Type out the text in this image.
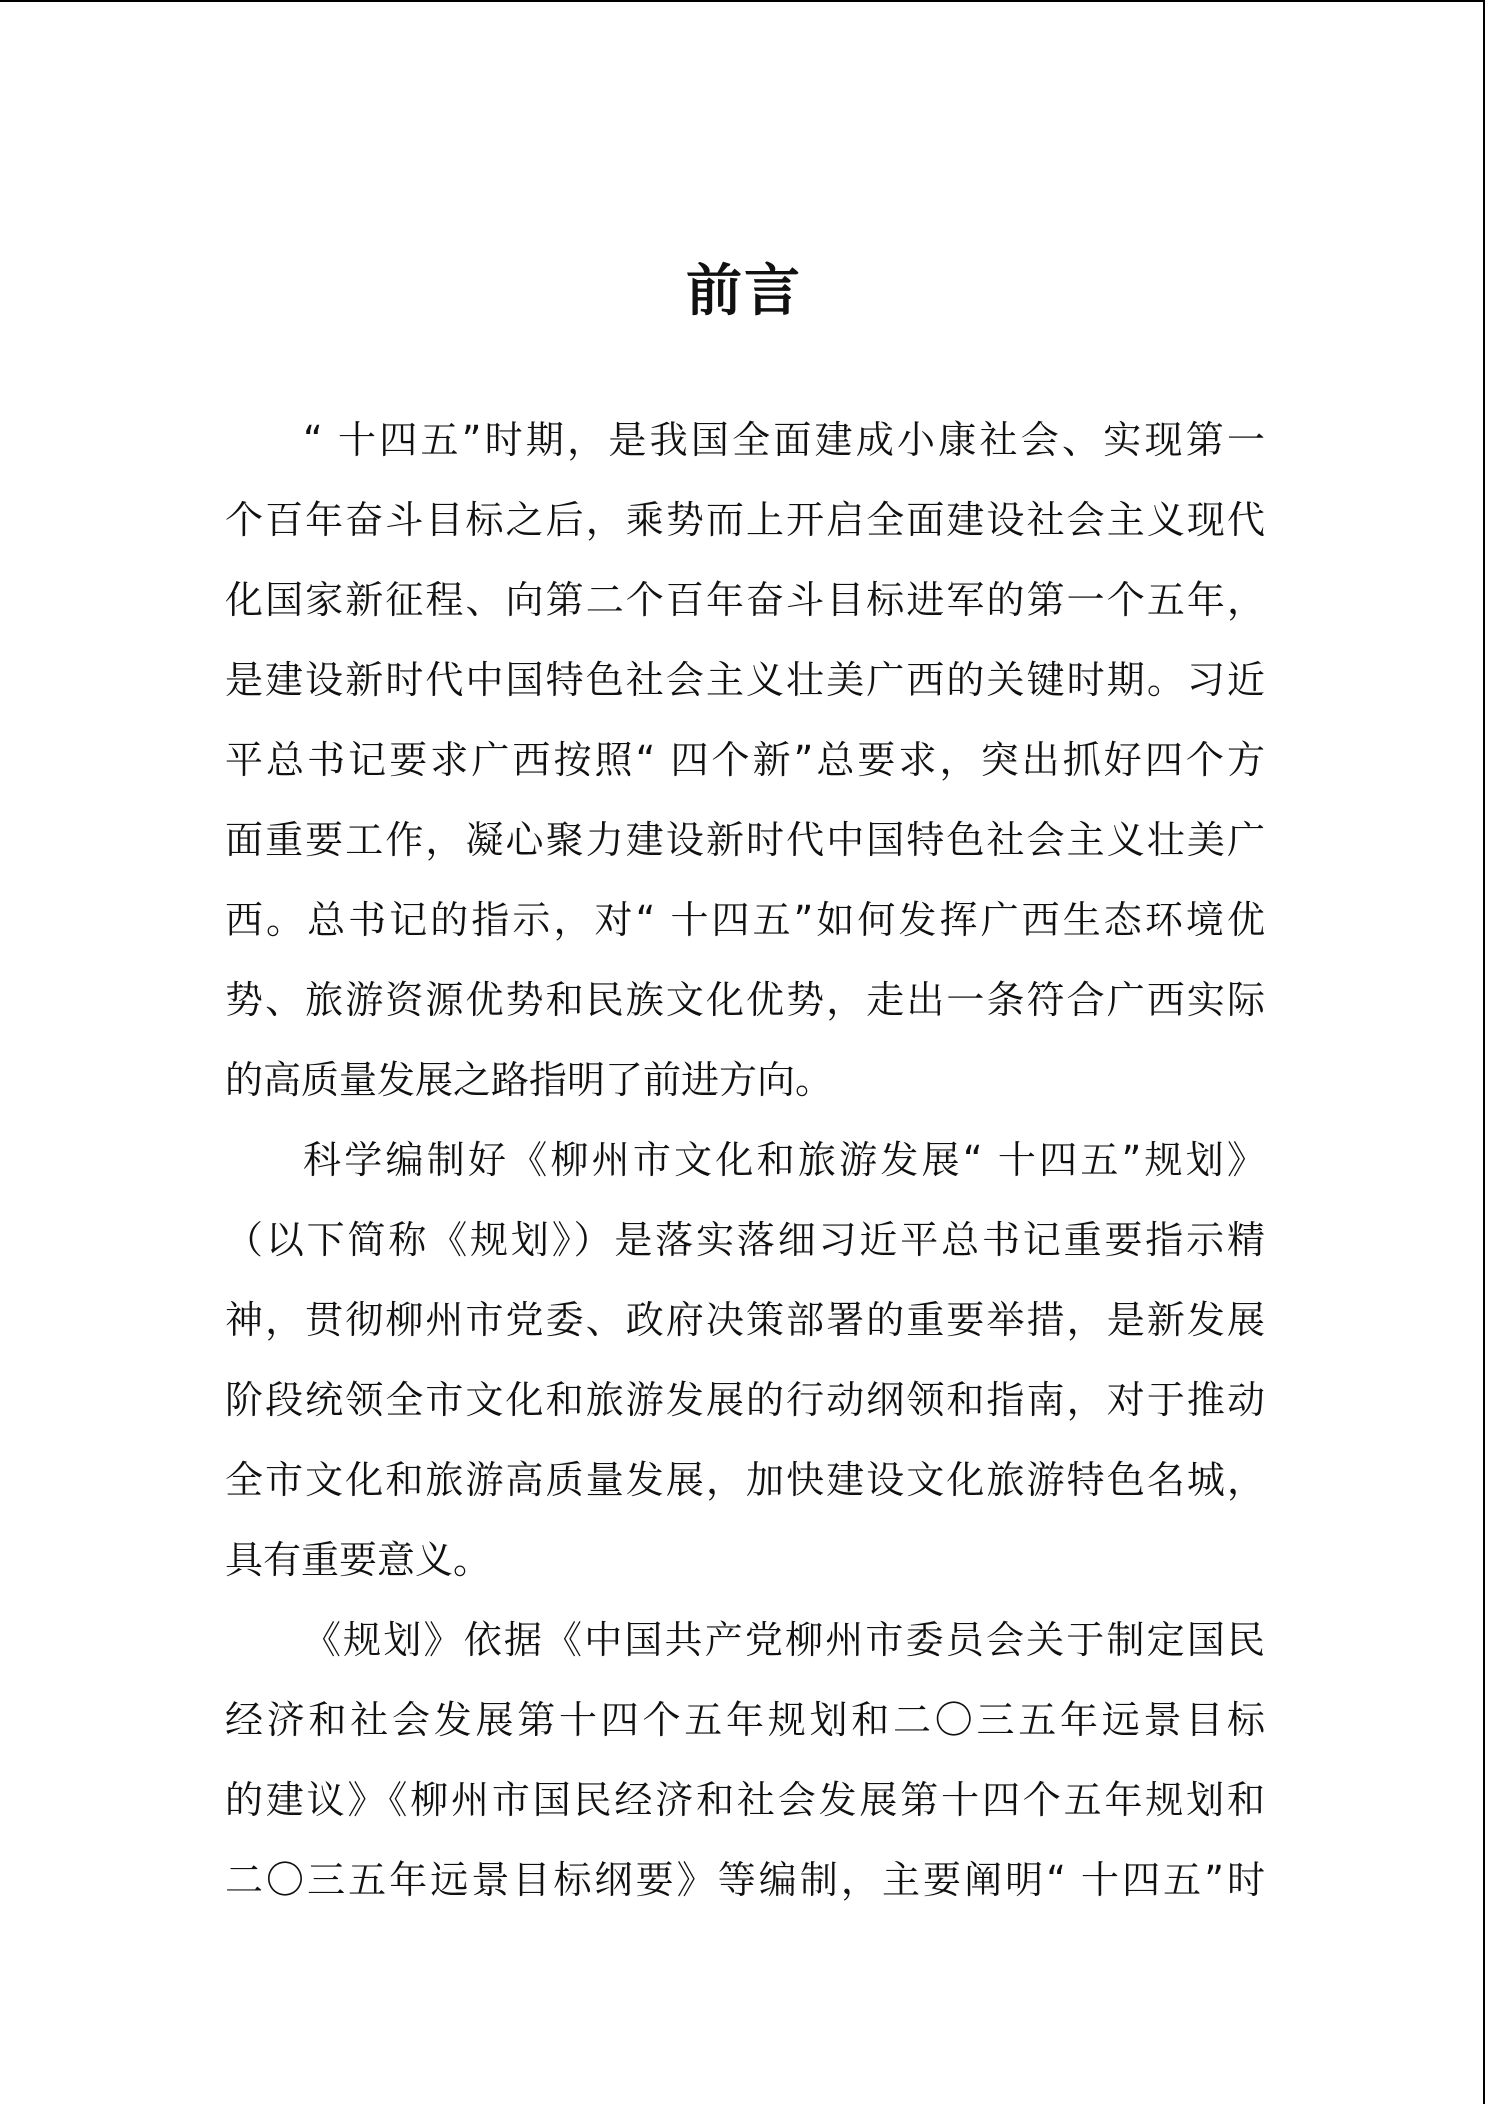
前言
“ 十四五”时期，是我国全面建成小康社会、实现第一
个百年奋斗目标之后，乘势而上开启全面建设社会主义现代
化国家新征程、向第二个百年奋斗目标进军的第一个五年，
是建设新时代中国特色社会主义壮美广西的关键时期。习近
平总书记要求广西按照“ 四个新”总要求，突出抓好四个方
面重要工作，凝心聚力建设新时代中国特色社会主义壮美广
西。总书记的指示，对“ 十四五”如何发挥广西生态环境优
势、旅游资源优势和民族文化优势，走出一条符合广西实际
的高质量发展之路指明了前进方向。
科学编制好《柳州市文化和旅游发展“ 十四五”规划》
（以下简称《规划》）是落实落细习近平总书记重要指示精
神，贯彻柳州市党委、政府决策部署的重要举措，是新发展
阶段统领全市文化和旅游发展的行动纲领和指南，对于推动
全市文化和旅游高质量发展，加快建设文化旅游特色名城，
具有重要意义。
《规划》依据《中国共产党柳州市委员会关于制定国民
经济和社会发展第十四个五年规划和二〇三五年远景目标
的建议》《柳州市国民经济和社会发展第十四个五年规划和
二〇三五年远景目标纲要》等编制，主要阐明“ 十四五”时
